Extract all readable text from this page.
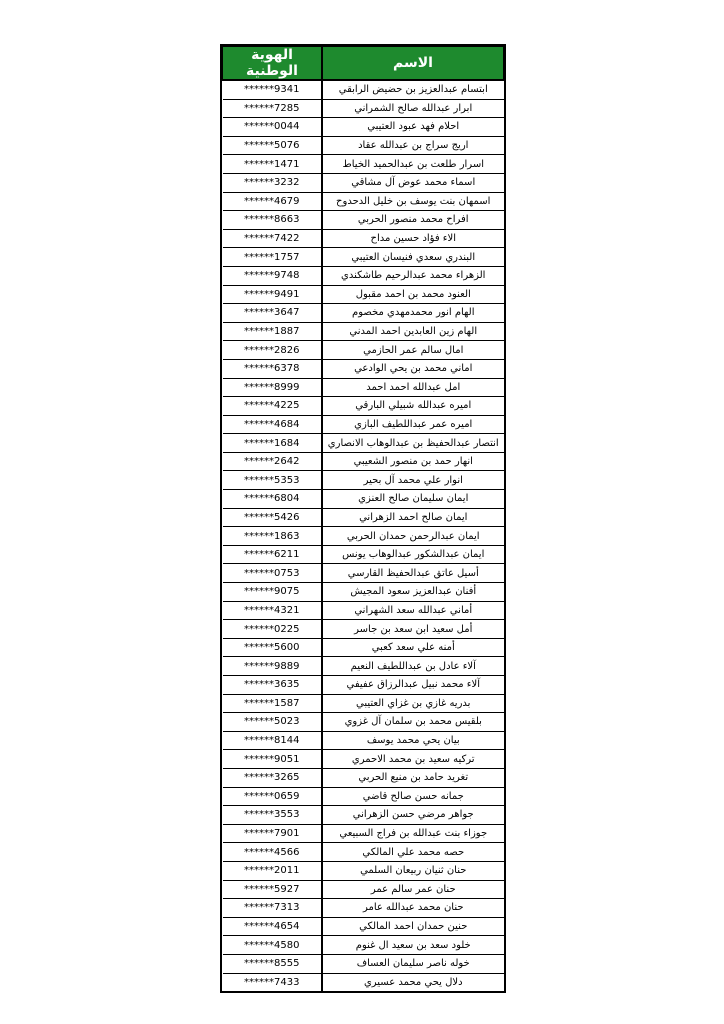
الاسم	الهوية الوطنية
ابتسام عبدالعزيز بن حضيض الرابقي	******9341
ابرار عبدالله صالح الشمراني	******7285
احلام فهد عبود العتيبي	******0044
اريج سراج بن عبدالله عقاد	******5076
اسرار طلعت بن عبدالحميد الخياط	******1471
اسماء محمد عوض آل مشاقي	******3232
اسمهان بنت يوسف بن خليل الدحدوح	******4679
افراح محمد منصور الحربي	******8663
الاء فؤاد حسين مداح	******7422
البندري سعدي فنيسان العتيبي	******1757
الزهراء محمد عبدالرحيم طاشكندي	******9748
العنود محمد بن احمد مقبول	******9491
الهام انور محمدمهدي مخصوم	******3647
الهام زين العابدين احمد المدني	******1887
امال سالم عمر الحازمي	******2826
اماني محمد بن يحي الوادعي	******6378
امل عبدالله احمد احمد	******8999
اميره عبدالله شبيلي البارقي	******4225
اميره عمر عبداللطيف البازي	******4684
انتصار عبدالحفيظ بن عبدالوهاب الانصاري	******1684
انهار حمد بن منصور الشعيبي	******2642
انوار علي محمد آل بحير	******5353
ايمان سليمان صالح العنزي	******6804
ايمان صالح احمد الزهراني	******5426
ايمان عبدالرحمن حمدان الحربي	******1863
ايمان عبدالشكور عبدالوهاب يونس	******6211
أسيل عاتق عبدالحفيظ القارسي	******0753
أفنان عبدالعزيز سعود المجيش	******9075
أماني عبدالله سعد الشهراني	******4321
أمل سعيد ابن سعد بن جاسر	******0225
أمنه علي سعد كعبي	******5600
آلاء عادل بن عبداللطيف النعيم	******9889
آلاء محمد نبيل عبدالرزاق عفيفي	******3635
بدريه غازي بن غزاي العتيبي	******1587
بلقيس محمد بن سلمان آل غزوي	******5023
بيان يحي محمد يوسف	******8144
تركيه سعيد بن محمد الاحمري	******9051
تغريد حامد بن منيع الحربي	******3265
جمانه حسن صالح قاضي	******0659
جواهر مرضي حسن الزهراني	******3553
جوزاء بنت عبدالله بن فراج السبيعي	******7901
حصه محمد علي المالكي	******4566
حنان ثنيان ربيعان السلمي	******2011
حنان عمر سالم عمر	******5927
حنان محمد عبدالله عامر	******7313
حنين حمدان احمد المالكي	******4654
خلود سعد بن سعيد ال غنوم	******4580
خوله ناصر سليمان العساف	******8555
دلال يحي محمد عسيري	******7433
